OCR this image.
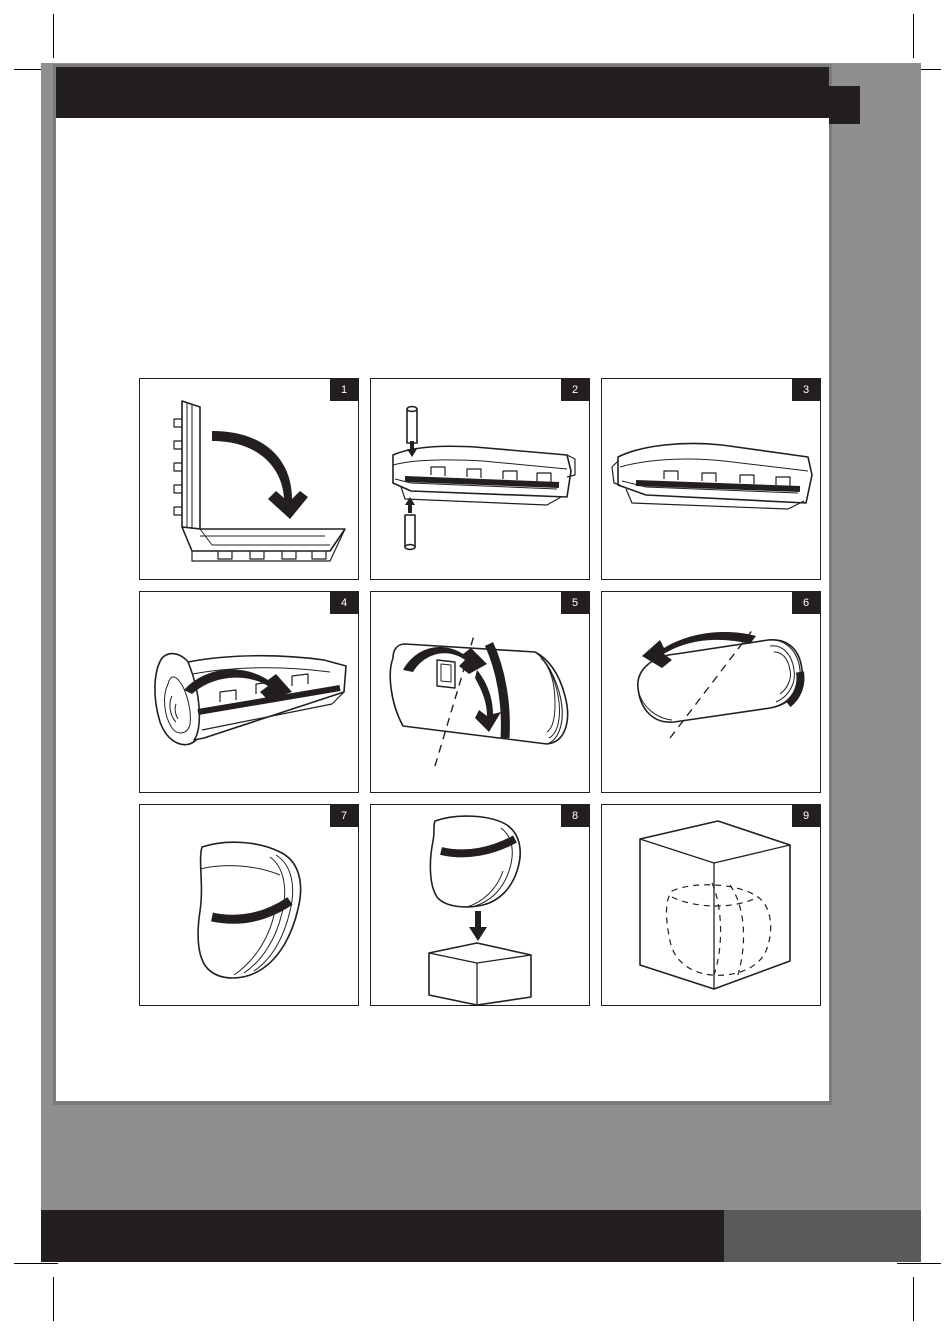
1	2	3
4	5	6
7	8	9
